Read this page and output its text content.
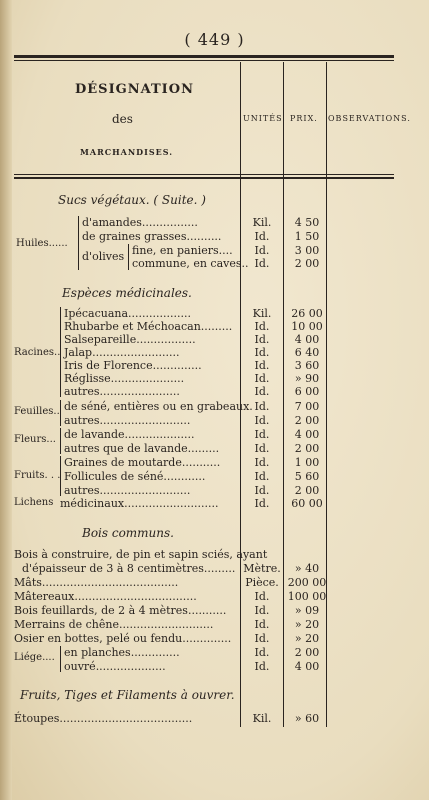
( 449 )
DÉSIGNATION
des
MARCHANDISES.
UNITÉS. PRIX. OBSERVATIONS.
Sucs végétaux. ( Suite. )
Huiles......
d'amandes................
de graines grasses..........
d'olives fine, en paniers....
commune, en caves..
Espèces médicinales.
Racines..
Ipécacuana..................
Rhubarbe et Méchoacan.........
Salsepareille.................
Jalap.........................
Iris de Florence..............
Réglisse.....................
autres.......................
Feuilles.. de séné, entières ou en grabeaux.
autres..........................
Fleurs... de lavande....................
autres que de lavande.........
Fruits. . .
Graines de moutarde...........
Follicules de séné............
autres..........................
Lichens médicinaux...........................
Bois communs.
Bois à construire, de pin et sapin sciés, ayant
d'épaisseur de 3 à 8 centimètres.........
Mâts.......................................
Mâtereaux...................................
Bois feuillards, de 2 à 4 mètres...........
Merrains de chêne...........................
Osier en bottes, pelé ou fendu..............
Liége.... en planches..............
ouvré....................
Fruits, Tiges et Filaments à ouvrer.
Étoupes......................................
Kil.
Id.
Id.
Id.
Kil.
Id.
Id.
Id.
Id.
Id.
Id.
Id.
Id.
Id.
Id.
Id.
Id.
Id.
Id.
Mètre.
Pièce.
Id.
Id.
Id.
Id.
Id.
Id.
Kil.
4 50
1 50
3 00
2 00
26 00
10 00
4 00
6 40
3 60
» 90
6 00
7 00
2 00
4 00
2 00
1 00
5 60
2 00
60 00
» 40
200 00
100 00
» 09
» 20
» 20
2 00
4 00
» 60
